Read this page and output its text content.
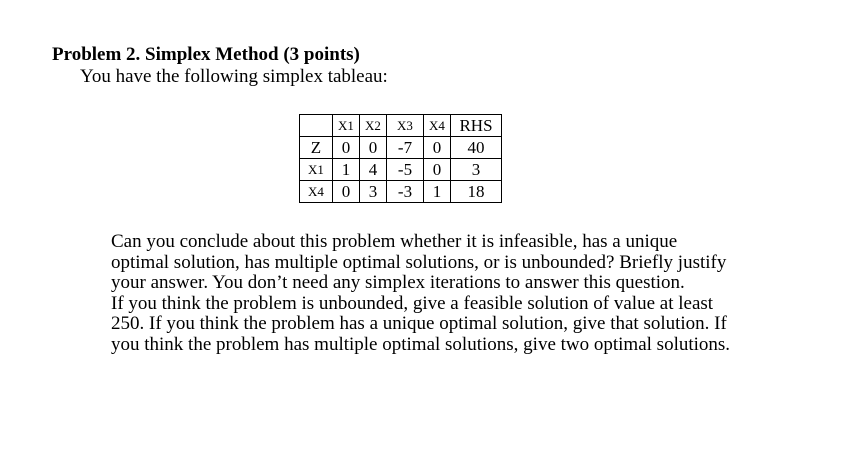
Problem 2. Simplex Method (3 points)
You have the following simplex tableau:
	X1	X2	X3	X4	RHS
Z	0	0	-7	0	40
X1	1	4	-5	0	3
X4	0	3	-3	1	18
Can you conclude about this problem whether it is infeasible, has a unique
optimal solution, has multiple optimal solutions, or is unbounded? Briefly justify
your answer. You don’t need any simplex iterations to answer this question.
If you think the problem is unbounded, give a feasible solution of value at least
250. If you think the problem has a unique optimal solution, give that solution. If
you think the problem has multiple optimal solutions, give two optimal solutions.
